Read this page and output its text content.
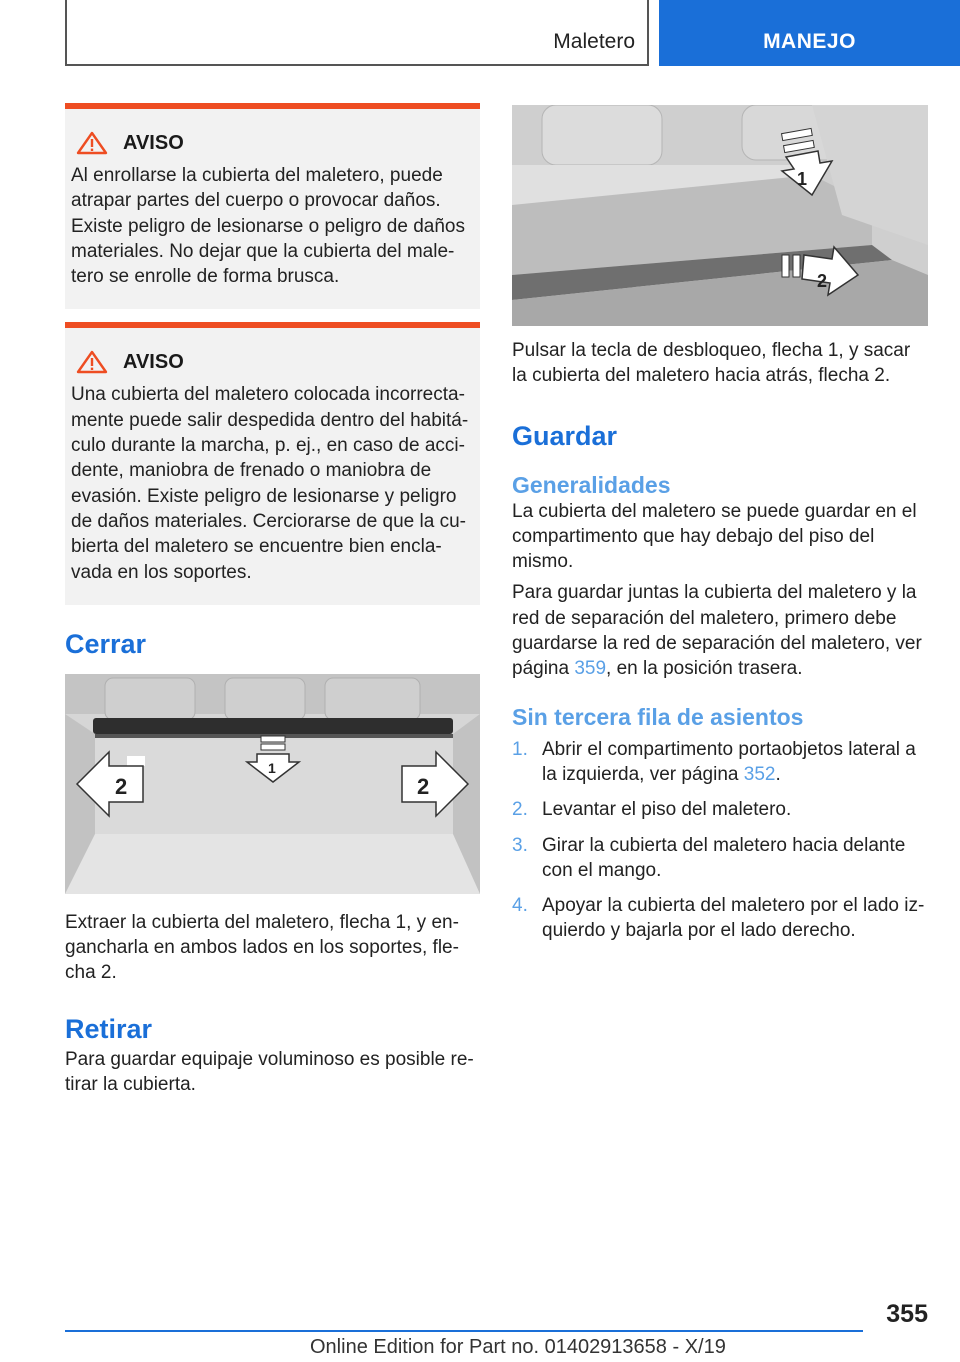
Maletero	MANEJO
AVISO

Al enrollarse la cubierta del maletero, puede atrapar partes del cuerpo o provocar daños. Existe peligro de lesionarse o peligro de daños materiales. No dejar que la cubierta del male-tero se enrolle de forma brusca.

AVISO

Una cubierta del maletero colocada incorrecta-mente puede salir despedida dentro del habitá-culo durante la marcha, p. ej., en caso de acci-dente, maniobra de frenado o maniobra de evasión. Existe peligro de lesionarse y peligro de daños materiales. Cerciorarse de que la cu-bierta del maletero se encuentre bien encla-vada en los soportes.

Cerrar
2
1
2

Extraer la cubierta del maletero, flecha 1, y en-gancharla en ambos lados en los soportes, fle-cha 2.

Retirar

Para guardar equipaje voluminoso es posible re-tirar la cubierta.

1
2

Pulsar la tecla de desbloqueo, flecha 1, y sacar la cubierta del maletero hacia atrás, flecha 2.

Guardar
Generalidades

La cubierta del maletero se puede guardar en el compartimento que hay debajo del piso del mismo.

Para guardar juntas la cubierta del maletero y la red de separación del maletero, primero debe guardarse la red de separación del maletero, ver página 359, en la posición trasera.

Sin tercera fila de asientos
1. Abrir el compartimento portaobjetos lateral a la izquierda, ver página 352.
2. Levantar el piso del maletero.
3. Girar la cubierta del maletero hacia delante con el mango.
4. Apoyar la cubierta del maletero por el lado iz-quierdo y bajarla por el lado derecho.
355
Online Edition for Part no. 01402913658 - X/19
